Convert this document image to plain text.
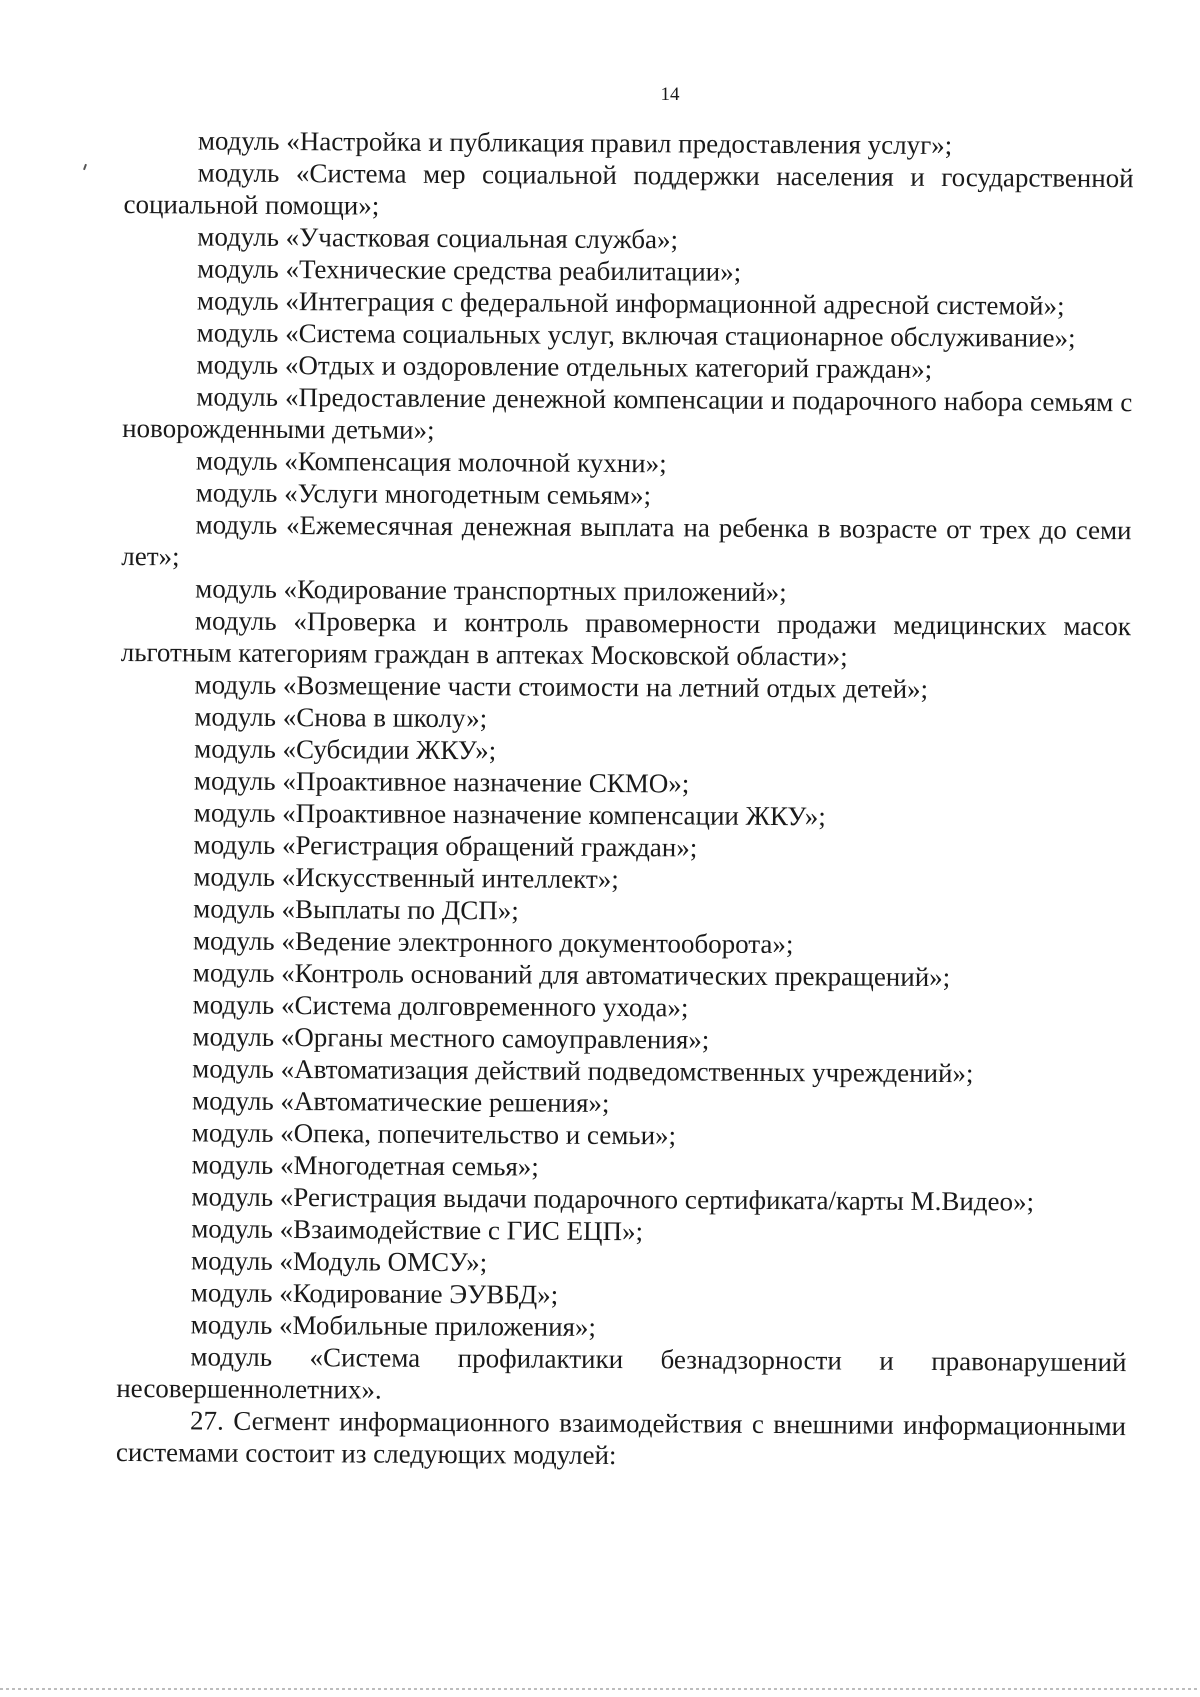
14

модуль «Настройка и публикация правил предоставления услуг»;

модуль «Система мер социальной поддержки населения и государственной социальной помощи»;

модуль «Участковая социальная служба»;

модуль «Технические средства реабилитации»;

модуль «Интеграция с федеральной информационной адресной системой»;

модуль «Система социальных услуг, включая стационарное обслуживание»;

модуль «Отдых и оздоровление отдельных категорий граждан»;

модуль «Предоставление денежной компенсации и подарочного набора семьям с новорожденными детьми»;

модуль «Компенсация молочной кухни»;

модуль «Услуги многодетным семьям»;

модуль «Ежемесячная денежная выплата на ребенка в возрасте от трех до семи лет»;

модуль «Кодирование транспортных приложений»;

модуль «Проверка и контроль правомерности продажи медицинских масок льготным категориям граждан в аптеках Московской области»;

модуль «Возмещение части стоимости на летний отдых детей»;

модуль «Снова в школу»;

модуль «Субсидии ЖКУ»;

модуль «Проактивное назначение СКМО»;

модуль «Проактивное назначение компенсации ЖКУ»;

модуль «Регистрация обращений граждан»;

модуль «Искусственный интеллект»;

модуль «Выплаты по ДСП»;

модуль «Ведение электронного документооборота»;

модуль «Контроль оснований для автоматических прекращений»;

модуль «Система долговременного ухода»;

модуль «Органы местного самоуправления»;

модуль «Автоматизация действий подведомственных учреждений»;

модуль «Автоматические решения»;

модуль «Опека, попечительство и семьи»;

модуль «Многодетная семья»;

модуль «Регистрация выдачи подарочного сертификата/карты М.Видео»;

модуль «Взаимодействие с ГИС ЕЦП»;

модуль «Модуль ОМСУ»;

модуль «Кодирование ЭУВБД»;

модуль «Мобильные приложения»;

модуль «Система профилактики безнадзорности и правонарушений несовершеннолетних».

27. Сегмент информационного взаимодействия с внешними информационными системами состоит из следующих модулей:
